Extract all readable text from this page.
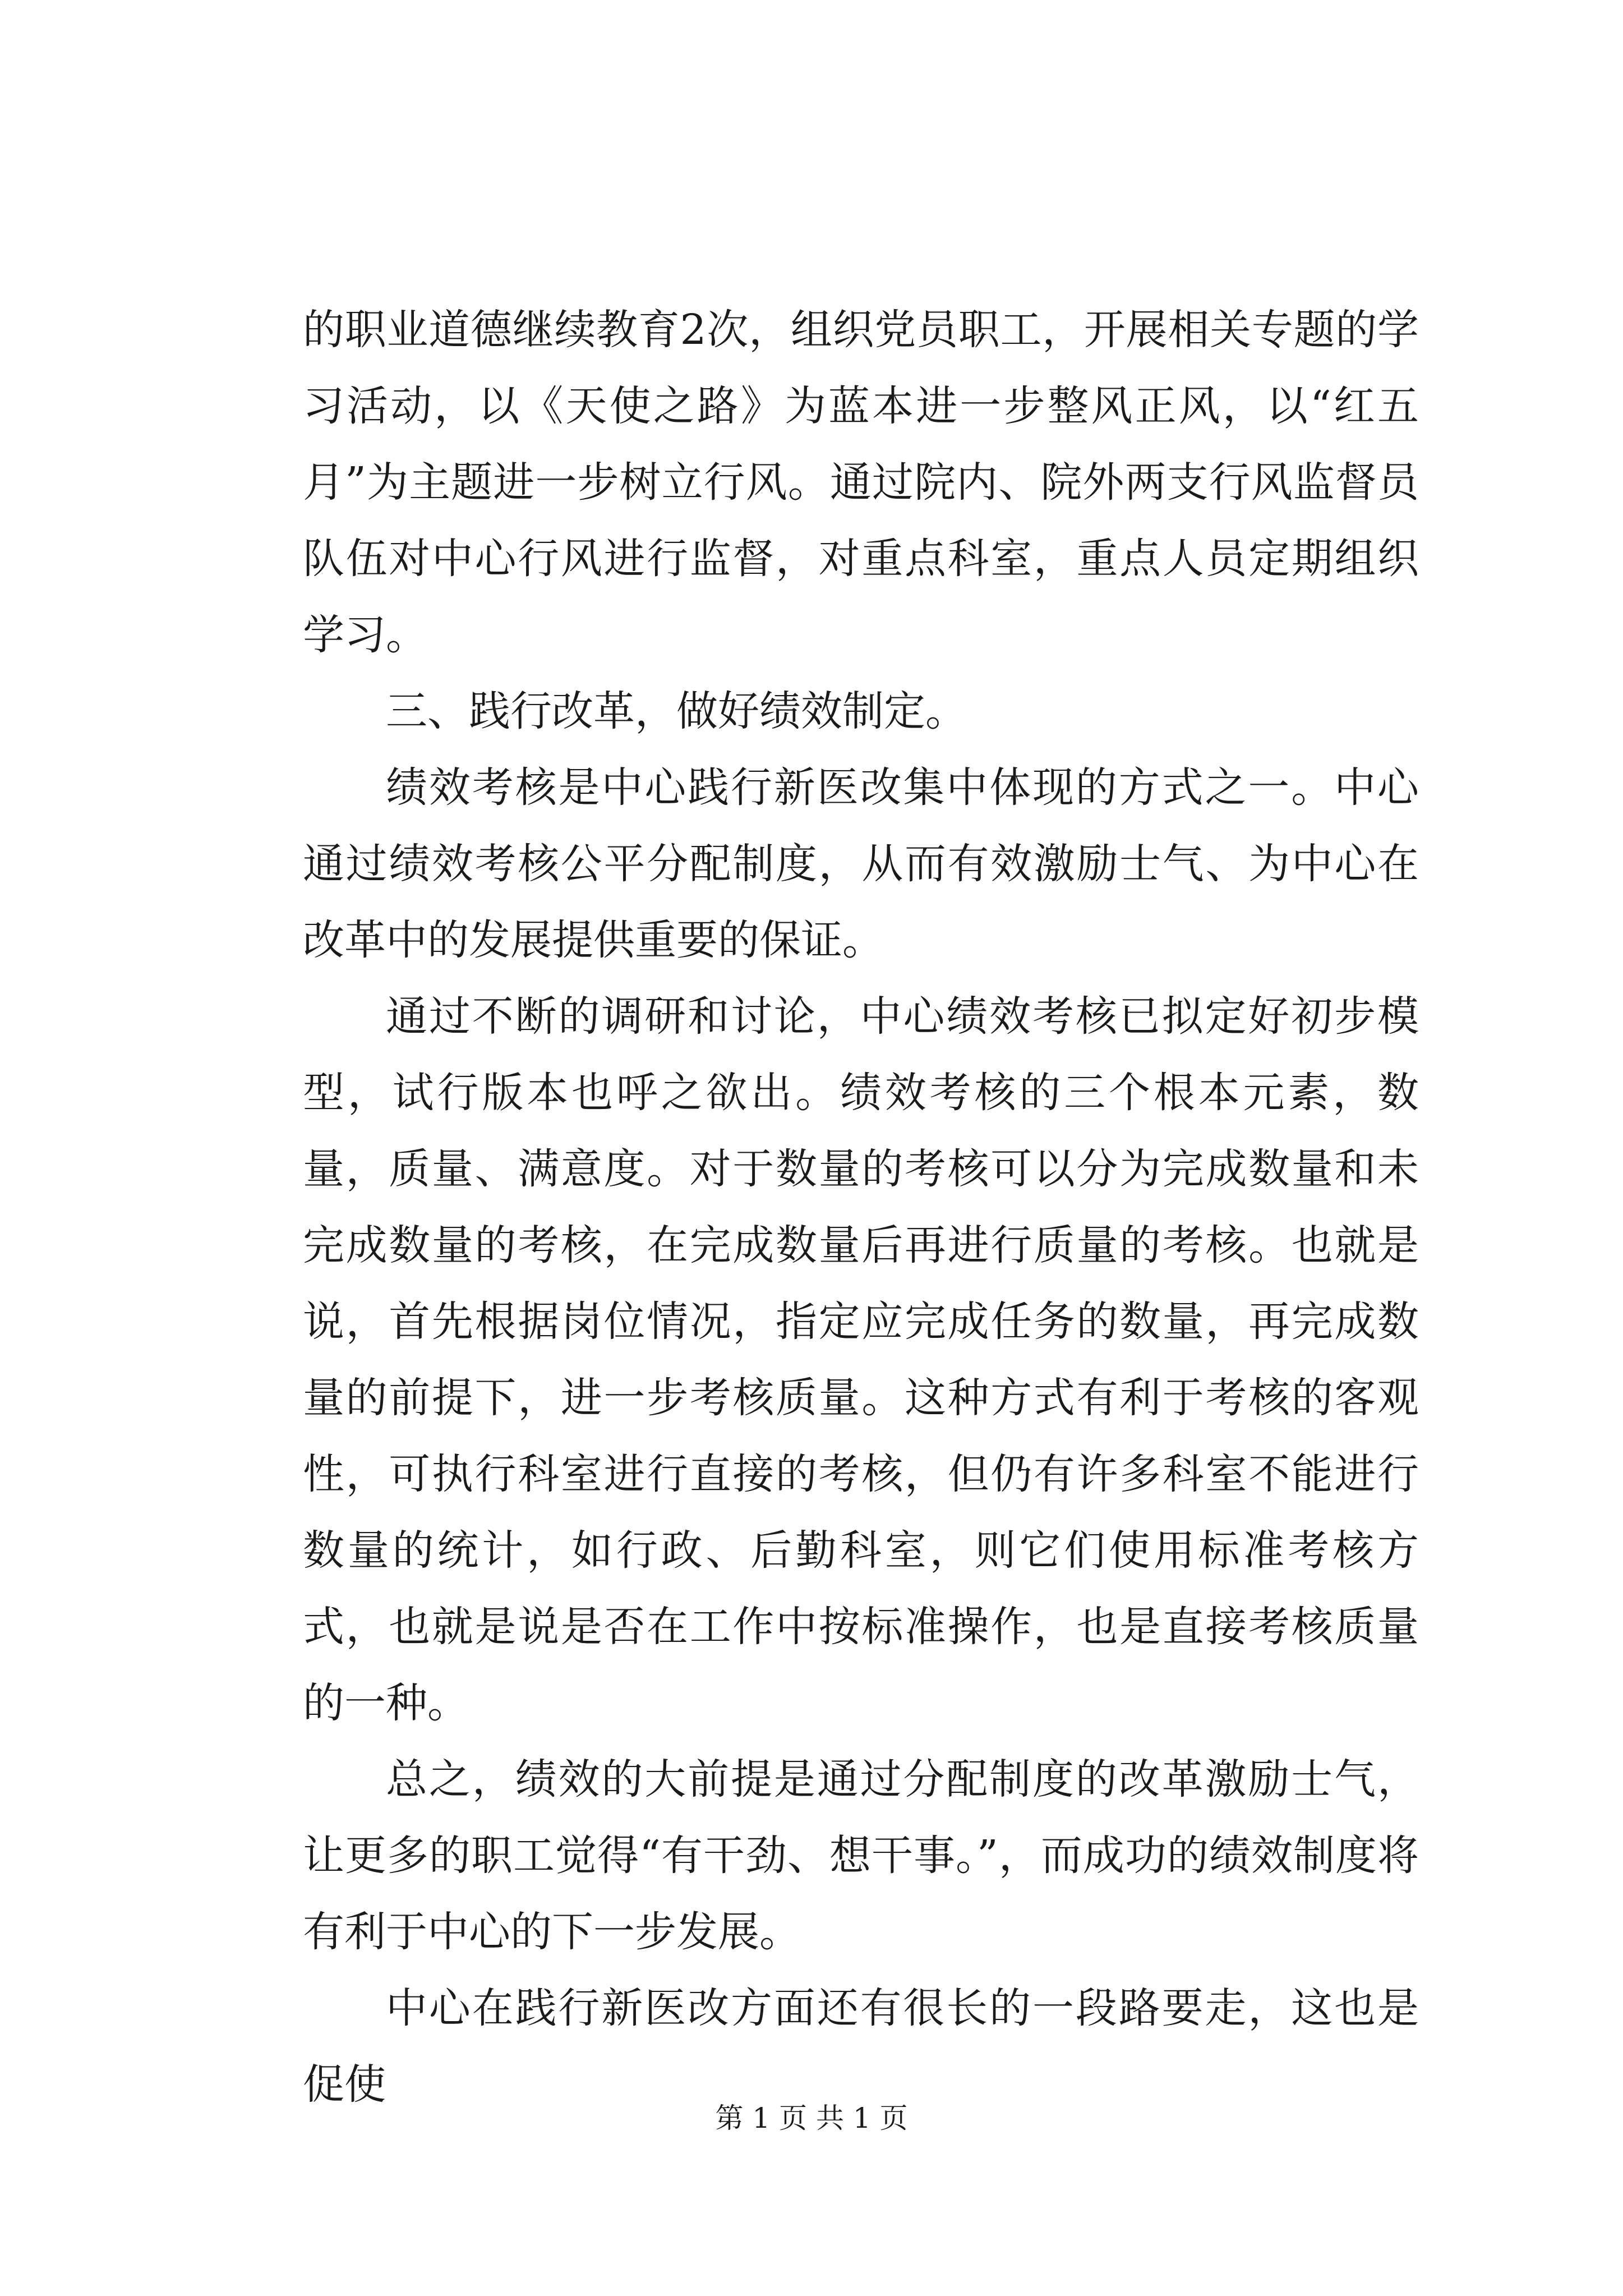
的职业道德继续教育2次，组织党员职工，开展相关专题的学习活动，以《天使之路》为蓝本进一步整风正风，以“红五月”为主题进一步树立行风。通过院内、院外两支行风监督员队伍对中心行风进行监督，对重点科室，重点人员定期组织学习。

三、践行改革，做好绩效制定。

绩效考核是中心践行新医改集中体现的方式之一。中心通过绩效考核公平分配制度，从而有效激励士气、为中心在改革中的发展提供重要的保证。

通过不断的调研和讨论，中心绩效考核已拟定好初步模型，试行版本也呼之欲出。绩效考核的三个根本元素，数量，质量、满意度。对于数量的考核可以分为完成数量和未完成数量的考核，在完成数量后再进行质量的考核。也就是说，首先根据岗位情况，指定应完成任务的数量，再完成数量的前提下，进一步考核质量。这种方式有利于考核的客观性，可执行科室进行直接的考核，但仍有许多科室不能进行数量的统计，如行政、后勤科室，则它们使用标准考核方式，也就是说是否在工作中按标准操作，也是直接考核质量的一种。

总之，绩效的大前提是通过分配制度的改革激励士气，让更多的职工觉得“有干劲、想干事。”，而成功的绩效制度将有利于中心的下一步发展。

中心在践行新医改方面还有很长的一段路要走，这也是促使

第 1 页 共 1 页
